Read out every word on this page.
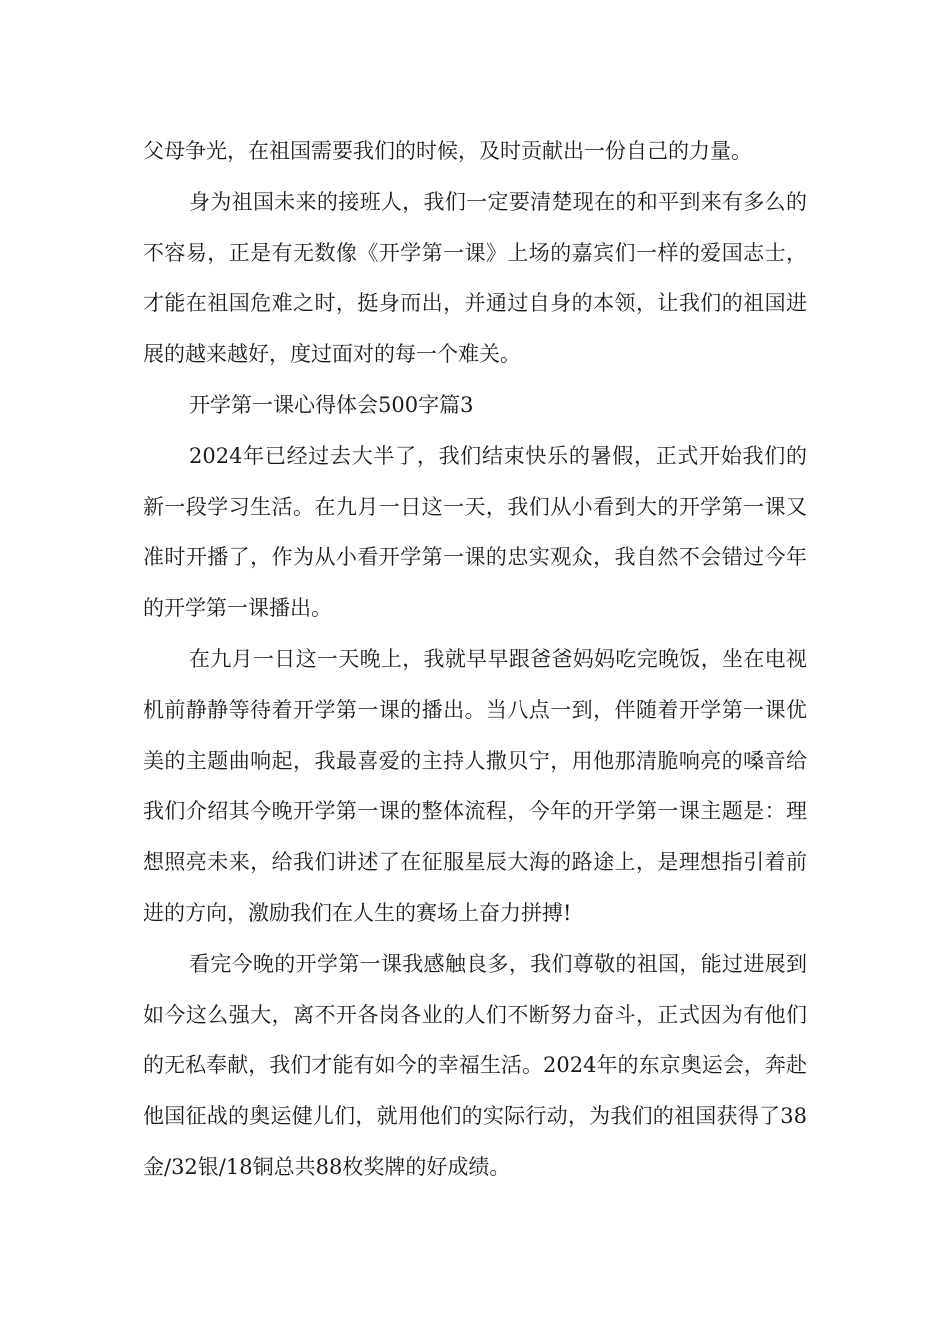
父母争光，在祖国需要我们的时候，及时贡献出一份自己的力量。

身为祖国未来的接班人，我们一定要清楚现在的和平到来有多么的不容易，正是有无数像《开学第一课》上场的嘉宾们一样的爱国志士，才能在祖国危难之时，挺身而出，并通过自身的本领，让我们的祖国进展的越来越好，度过面对的每一个难关。

开学第一课心得体会500字篇3

2024年已经过去大半了，我们结束快乐的暑假，正式开始我们的新一段学习生活。在九月一日这一天，我们从小看到大的开学第一课又准时开播了，作为从小看开学第一课的忠实观众，我自然不会错过今年的开学第一课播出。

在九月一日这一天晚上，我就早早跟爸爸妈妈吃完晚饭，坐在电视机前静静等待着开学第一课的播出。当八点一到，伴随着开学第一课优美的主题曲响起，我最喜爱的主持人撒贝宁，用他那清脆响亮的嗓音给我们介绍其今晚开学第一课的整体流程，今年的开学第一课主题是：理想照亮未来，给我们讲述了在征服星辰大海的路途上，是理想指引着前进的方向，激励我们在人生的赛场上奋力拼搏!

看完今晚的开学第一课我感触良多，我们尊敬的祖国，能过进展到如今这么强大，离不开各岗各业的人们不断努力奋斗，正式因为有他们的无私奉献，我们才能有如今的幸福生活。2024年的东京奥运会，奔赴他国征战的奥运健儿们，就用他们的实际行动，为我们的祖国获得了38金/32银/18铜总共88枚奖牌的好成绩。
